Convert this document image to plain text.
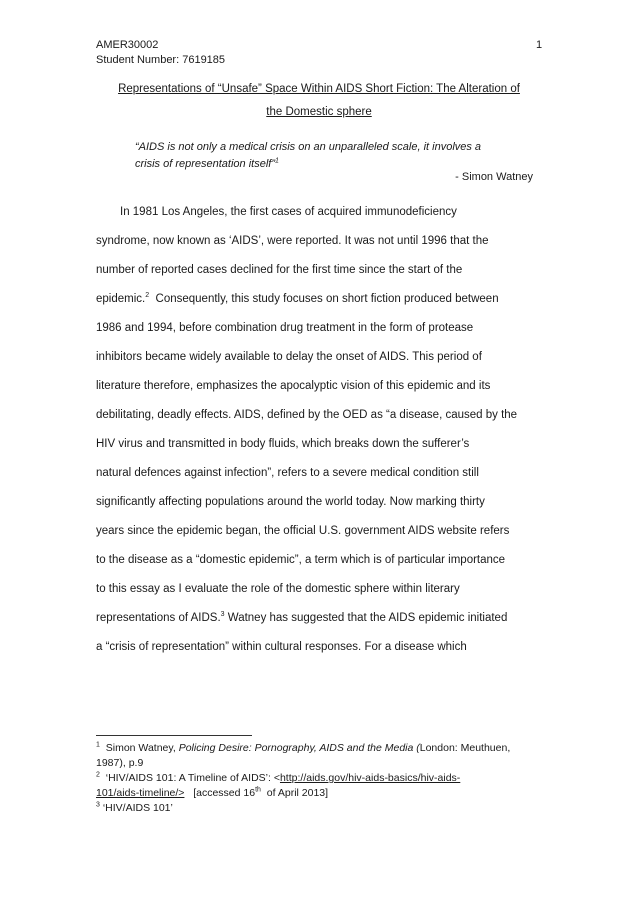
AMER30002
Student Number: 7619185
1
Representations of “Unsafe” Space Within AIDS Short Fiction: The Alteration of
the Domestic sphere
“AIDS is not only a medical crisis on an unparalleled scale, it involves a
crisis of representation itself”$^1$
- Simon Watney
In 1981 Los Angeles, the first cases of acquired immunodeficiency
syndrome, now known as ‘AIDS’, were reported. It was not until 1996 that the
number of reported cases declined for the first time since the start of the
epidemic.$^2$ Consequently, this study focuses on short fiction produced between
1986 and 1994, before combination drug treatment in the form of protease
inhibitors became widely available to delay the onset of AIDS. This period of
literature therefore, emphasizes the apocalyptic vision of this epidemic and its
debilitating, deadly effects. AIDS, defined by the OED as “a disease, caused by the
HIV virus and transmitted in body fluids, which breaks down the sufferer’s
natural defences against infection”, refers to a severe medical condition still
significantly affecting populations around the world today. Now marking thirty
years since the epidemic began, the official U.S. government AIDS website refers
to the disease as a “domestic epidemic”, a term which is of particular importance
to this essay as I evaluate the role of the domestic sphere within literary
representations of AIDS.$^3$ Watney has suggested that the AIDS epidemic initiated
a “crisis of representation” within cultural responses. For a disease which
$^1$ Simon Watney, Policing Desire: Pornography, AIDS and the Media (London: Meuthuen,
1987), p.9
$^2$ ‘HIV/AIDS 101: A Timeline of AIDS’: <http://aids.gov/hiv-aids-basics/hiv-aids-
101/aids-timeline/> [accessed 16th of April 2013]
$^3$ ‘HIV/AIDS 101’
